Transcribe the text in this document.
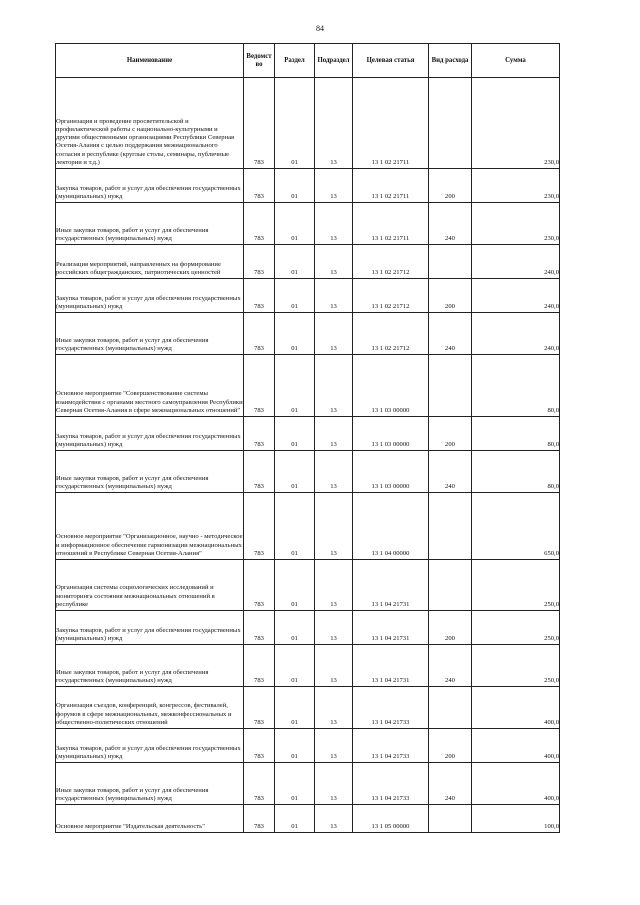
84
Наименование	Ведомст во	Раздел	Подраздел	Целевая статья	Вид расхода	Сумма
Организация и проведение просветительской и профилактической работы с национально-культурными и другими общественными организациями Республики Северная Осетия-Алания с целью поддержания межнационального согласия в республике (круглые столы, семинары, публичные лектории и т.д.)	783	01	13	13 1 02 21711		230,0
Закупка товаров, работ и услуг для обеспечения государственных (муниципальных) нужд	783	01	13	13 1 02 21711	200	230,0
Иные закупки товаров, работ и услуг для обеспечения государственных (муниципальных) нужд	783	01	13	13 1 02 21711	240	230,0
Реализация мероприятий, направленных на формирование российских общегражданских, патриотических ценностей	783	01	13	13 1 02 21712		240,0
Закупка товаров, работ и услуг для обеспечения государственных (муниципальных) нужд	783	01	13	13 1 02 21712	200	240,0
Иные закупки товаров, работ и услуг для обеспечения государственных (муниципальных) нужд	783	01	13	13 1 02 21712	240	240,0
Основное мероприятие "Совершенствование системы взаимодействия с органами местного самоуправления Республики Северная Осетия-Алания в сфере межнациональных отношений"	783	01	13	13 1 03 00000		80,0
Закупка товаров, работ и услуг для обеспечения государственных (муниципальных) нужд	783	01	13	13 1 03 00000	200	80,0
Иные закупки товаров, работ и услуг для обеспечения государственных (муниципальных) нужд	783	01	13	13 1 03 00000	240	80,0
Основное мероприятие "Организационное, научно - методическое и информационное обеспечение гармонизации межнациональных отношений в Республике Северная Осетия-Алания"	783	01	13	13 1 04 00000		650,0
Организация системы социологических исследований и мониторинга состояния межнациональных отношений в республике	783	01	13	13 1 04 21731		250,0
Закупка товаров, работ и услуг для обеспечения государственных (муниципальных) нужд	783	01	13	13 1 04 21731	200	250,0
Иные закупки товаров, работ и услуг для обеспечения государственных (муниципальных) нужд	783	01	13	13 1 04 21731	240	250,0
Организация съездов, конференций, конгрессов, фестивалей, форумов в сфере межнациональных, межконфессиональных и общественно-политических отношений	783	01	13	13 1 04 21733		400,0
Закупка товаров, работ и услуг для обеспечения государственных (муниципальных) нужд	783	01	13	13 1 04 21733	200	400,0
Иные закупки товаров, работ и услуг для обеспечения государственных (муниципальных) нужд	783	01	13	13 1 04 21733	240	400,0
Основное мероприятие "Издательская деятельность"	783	01	13	13 1 05 00000		100,0
